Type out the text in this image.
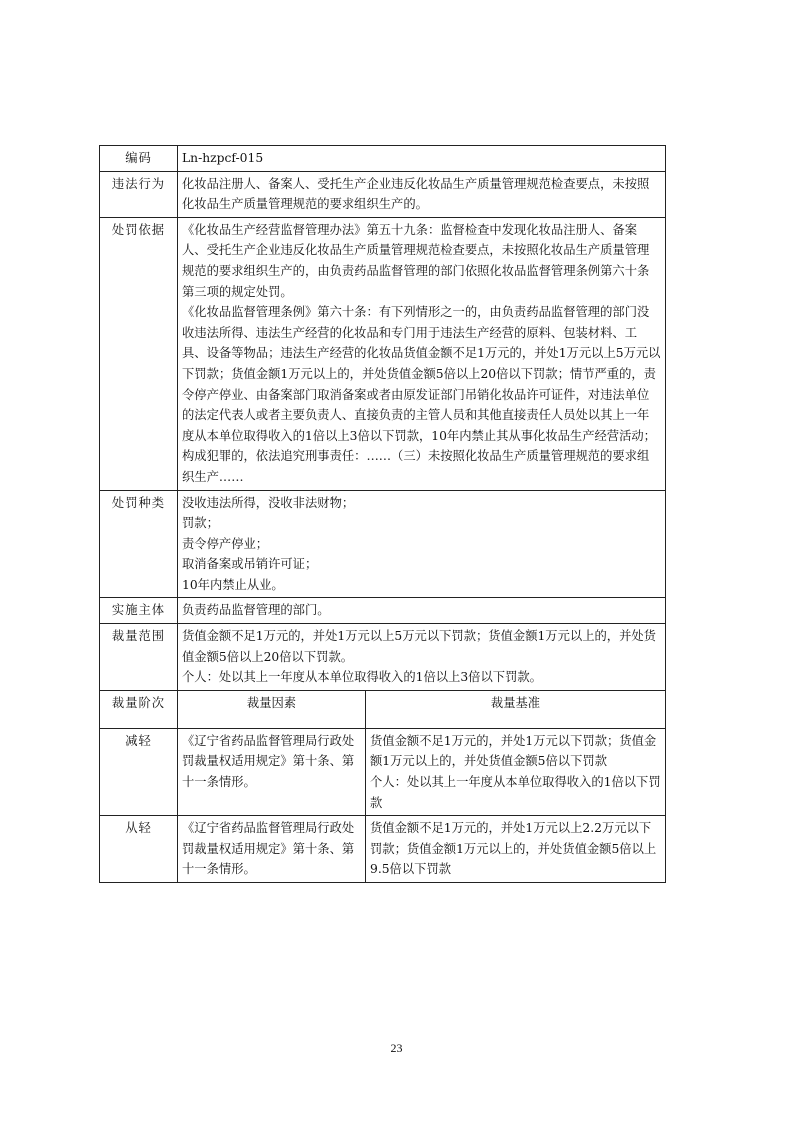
编码	Ln-hzpcf-015	
违法行为	化妆品注册人、备案人、受托生产企业违反化妆品生产质量管理规范检查要点，未按照化妆品生产质量管理规范的要求组织生产的。	
处罚依据	《化妆品生产经营监督管理办法》第五十九条：监督检查中发现化妆品注册人、备案人、受托生产企业违反化妆品生产质量管理规范检查要点，未按照化妆品生产质量管理规范的要求组织生产的，由负责药品监督管理的部门依照化妆品监督管理条例第六十条第三项的规定处罚。
《化妆品监督管理条例》第六十条：有下列情形之一的，由负责药品监督管理的部门没收违法所得、违法生产经营的化妆品和专门用于违法生产经营的原料、包装材料、工具、设备等物品；违法生产经营的化妆品货值金额不足1万元的，并处1万元以上5万元以下罚款；货值金额1万元以上的，并处货值金额5倍以上20倍以下罚款；情节严重的，责令停产停业、由备案部门取消备案或者由原发证部门吊销化妆品许可证件，对违法单位的法定代表人或者主要负责人、直接负责的主管人员和其他直接责任人员处以其上一年度从本单位取得收入的1倍以上3倍以下罚款，10年内禁止其从事化妆品生产经营活动；构成犯罪的，依法追究刑事责任：……（三）未按照化妆品生产质量管理规范的要求组织生产……	

处罚种类	没收违法所得，没收非法财物；
罚款；
责令停产停业；
取消备案或吊销许可证；
10年内禁止从业。	

实施主体	负责药品监督管理的部门。	
裁量范围	货值金额不足1万元的，并处1万元以上5万元以下罚款；货值金额1万元以上的，并处货值金额5倍以上20倍以下罚款。
个人：处以其上一年度从本单位取得收入的1倍以上3倍以下罚款。	

裁量阶次	裁量因素	裁量基准
减轻	《辽宁省药品监督管理局行政处罚裁量权适用规定》第十条、第十一条情形。	货值金额不足1万元的，并处1万元以下罚款；货值金额1万元以上的，并处货值金额5倍以下罚款
个人：处以其上一年度从本单位取得收入的1倍以下罚款

从轻	《辽宁省药品监督管理局行政处罚裁量权适用规定》第十条、第十一条情形。	货值金额不足1万元的，并处1万元以上2.2万元以下罚款；货值金额1万元以上的，并处货值金额5倍以上9.5倍以下罚款
23
